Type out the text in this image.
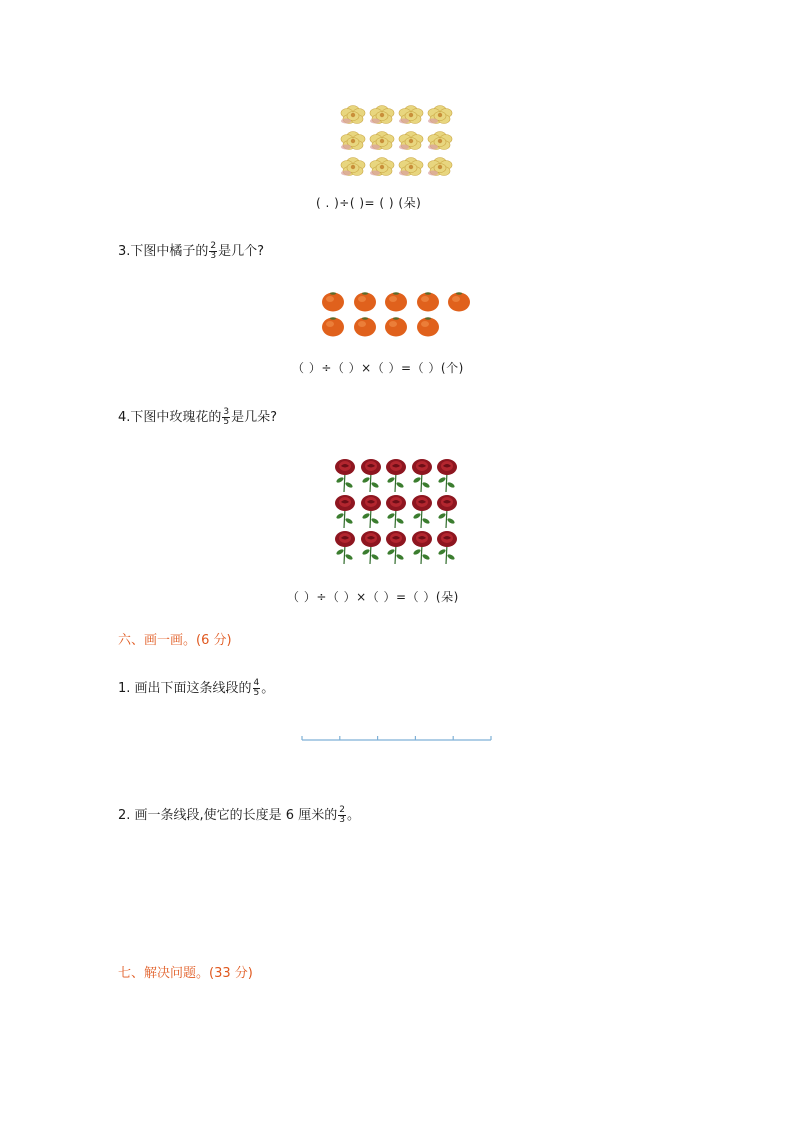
( . )÷( )= ( ) (朵)
3.下图中橘子的 $\frac{2}{3}$ 是几个?
（ ）÷（ ）×（ ）=（ ）(个)
4.下图中玫瑰花的 $\frac{3}{5}$ 是几朵?
（ ）÷（ ）×（ ）=（ ）(朵)
六、画一画。(6 分)
1. 画出下面这条线段的 $\frac{4}{5}$ 。
2. 画一条线段,使它的长度是 6 厘米的 $\frac{2}{3}$ 。
七、解决问题。(33 分)
